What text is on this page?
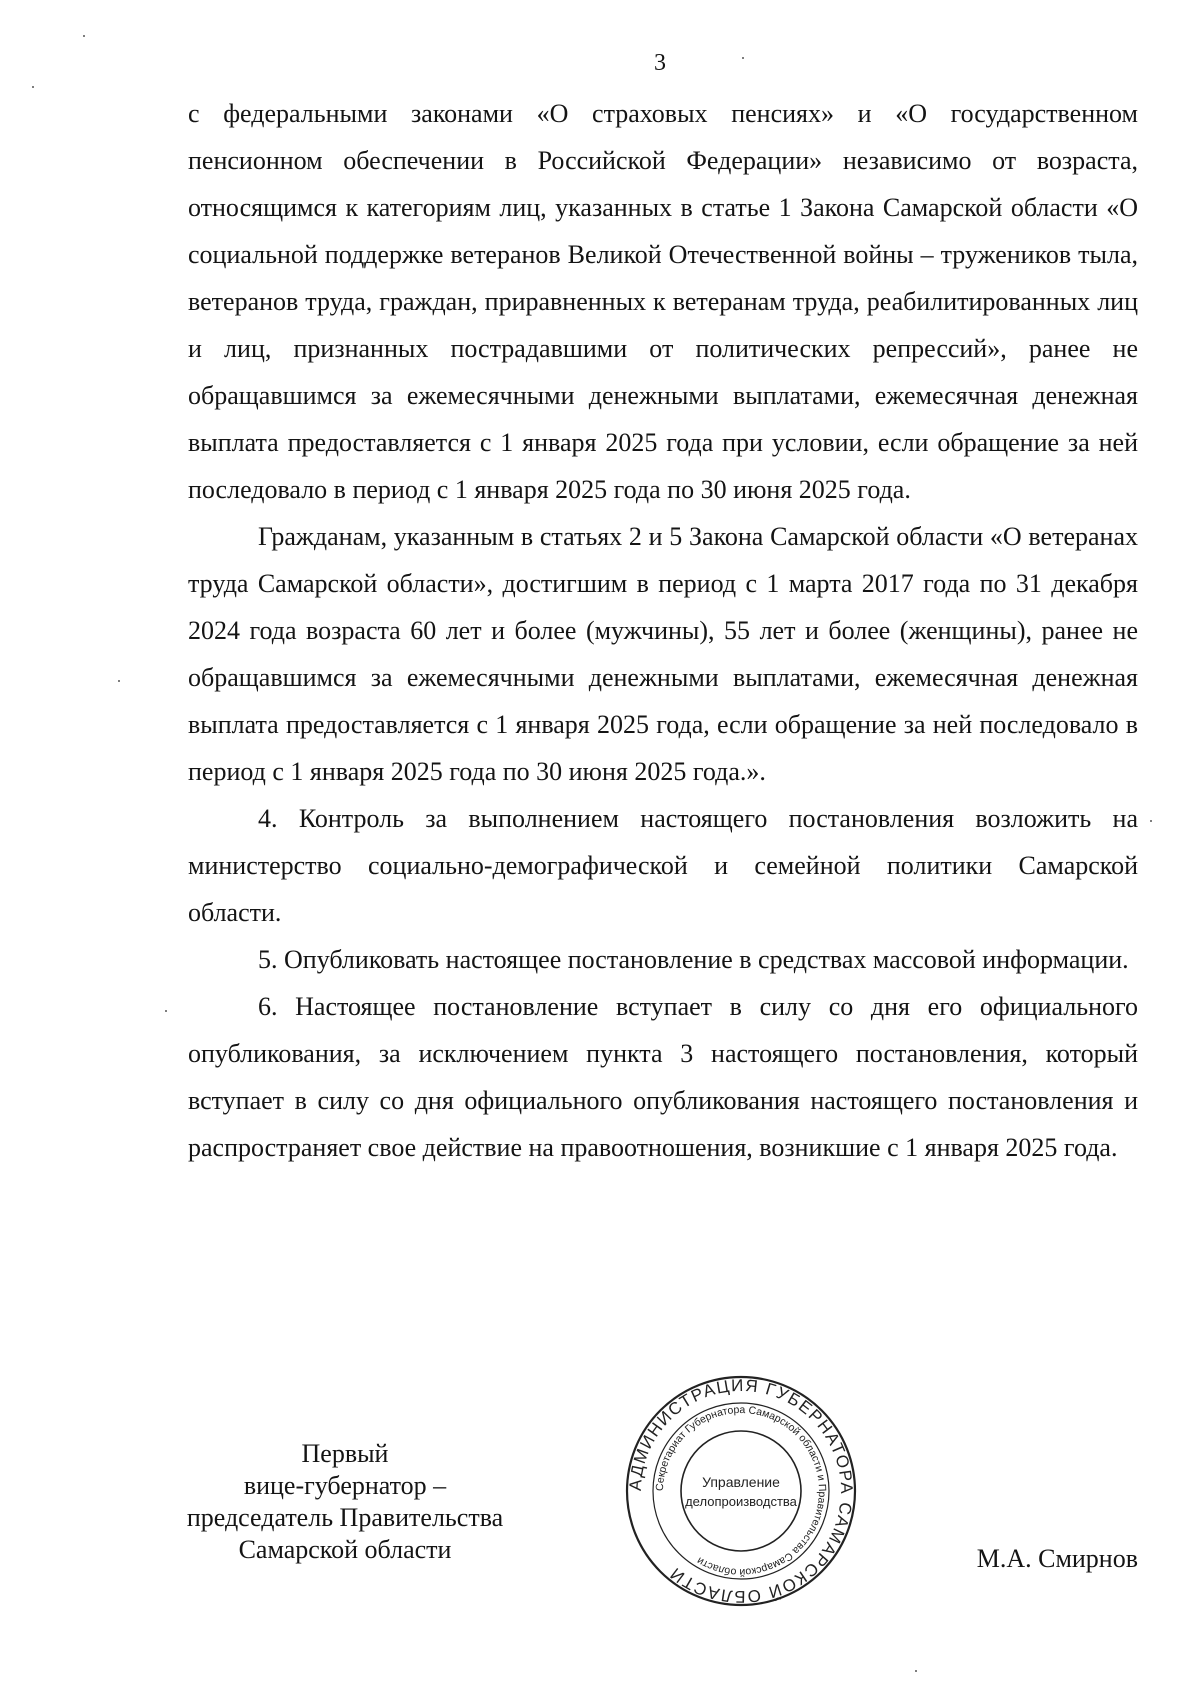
3

с федеральными законами «О страховых пенсиях» и «О государственном пенсионном обеспечении в Российской Федерации» независимо от возраста, относящимся к категориям лиц, указанных в статье 1 Закона Самарской области «О социальной поддержке ветеранов Великой Отечественной войны – тружеников тыла, ветеранов труда, граждан, приравненных к ветеранам труда, реабилитированных лиц и лиц, признанных пострадавшими от политических репрессий», ранее не обращавшимся за ежемесячными денежными выплатами, ежемесячная денежная выплата предоставляется с 1 января 2025 года при условии, если обращение за ней последовало в период с 1 января 2025 года по 30 июня 2025 года.

Гражданам, указанным в статьях 2 и 5 Закона Самарской области «О ветеранах труда Самарской области», достигшим в период с 1 марта 2017 года по 31 декабря 2024 года возраста 60 лет и более (мужчины), 55 лет и более (женщины), ранее не обращавшимся за ежемесячными денежными выплатами, ежемесячная денежная выплата предоставляется с 1 января 2025 года, если обращение за ней последовало в период с 1 января 2025 года по 30 июня 2025 года.».

4. Контроль за выполнением настоящего постановления возложить на министерство социально-демографической и семейной политики Самарской области.

5. Опубликовать настоящее постановление в средствах массовой информации.

6. Настоящее постановление вступает в силу со дня его официального опубликования, за исключением пункта 3 настоящего постановления, который вступает в силу со дня официального опубликования настоящего постановления и распространяет свое действие на правоотношения, возникшие с 1 января 2025 года.

Первый
вице-губернатор –
председатель Правительства
Самарской области	М.А. Смирнов
АДМИНИСТРАЦИЯ ГУБЕРНАТОРА САМАРСКОЙ ОБЛАСТИ
Секретариат Губернатора Самарской области и Правительства Самарской области
Управление
делопроизводства
